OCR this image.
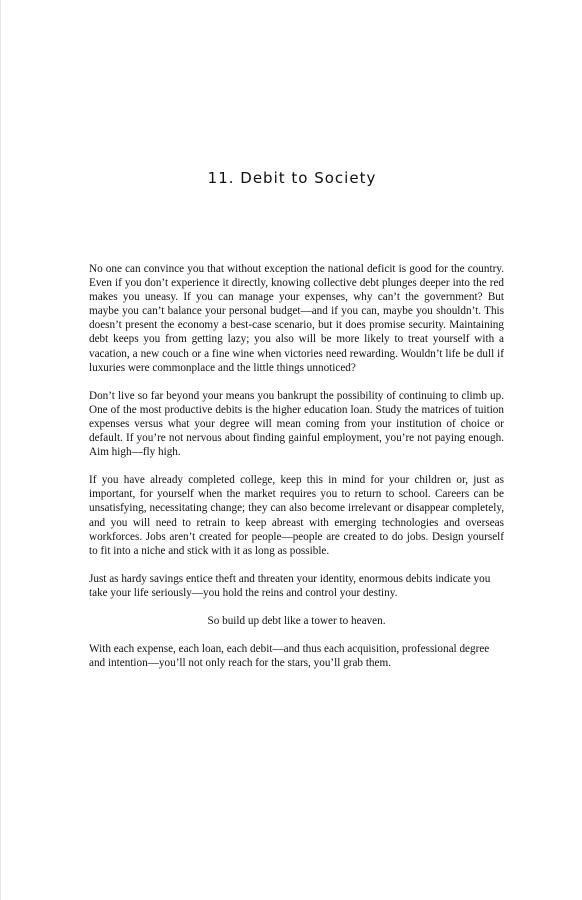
11. Debit to Society

No one can convince you that without exception the national deficit is good for the country. Even if you don’t experience it directly, knowing collective debt plunges deeper into the red makes you uneasy. If you can manage your expenses, why can’t the government? But maybe you can’t balance your personal budget—and if you can, maybe you shouldn’t. This doesn’t present the economy a best-case scenario, but it does promise security. Maintaining debt keeps you from getting lazy; you also will be more likely to treat yourself with a vacation, a new couch or a fine wine when victories need rewarding. Wouldn’t life be dull if luxuries were commonplace and the little things unnoticed?

Don’t live so far beyond your means you bankrupt the possibility of continuing to climb up. One of the most productive debits is the higher education loan. Study the matrices of tuition expenses versus what your degree will mean coming from your institution of choice or default. If you’re not nervous about finding gainful employment, you’re not paying enough. Aim high—fly high.

If you have already completed college, keep this in mind for your children or, just as important, for yourself when the market requires you to return to school. Careers can be unsatisfying, necessitating change; they can also become irrelevant or disappear completely, and you will need to retrain to keep abreast with emerging technologies and overseas workforces. Jobs aren’t created for people—people are created to do jobs. Design yourself to fit into a niche and stick with it as long as possible.

Just as hardy savings entice theft and threaten your identity, enormous debits indicate you take your life seriously—you hold the reins and control your destiny.

So build up debt like a tower to heaven.

With each expense, each loan, each debit—and thus each acquisition, professional degree and intention—you’ll not only reach for the stars, you’ll grab them.
